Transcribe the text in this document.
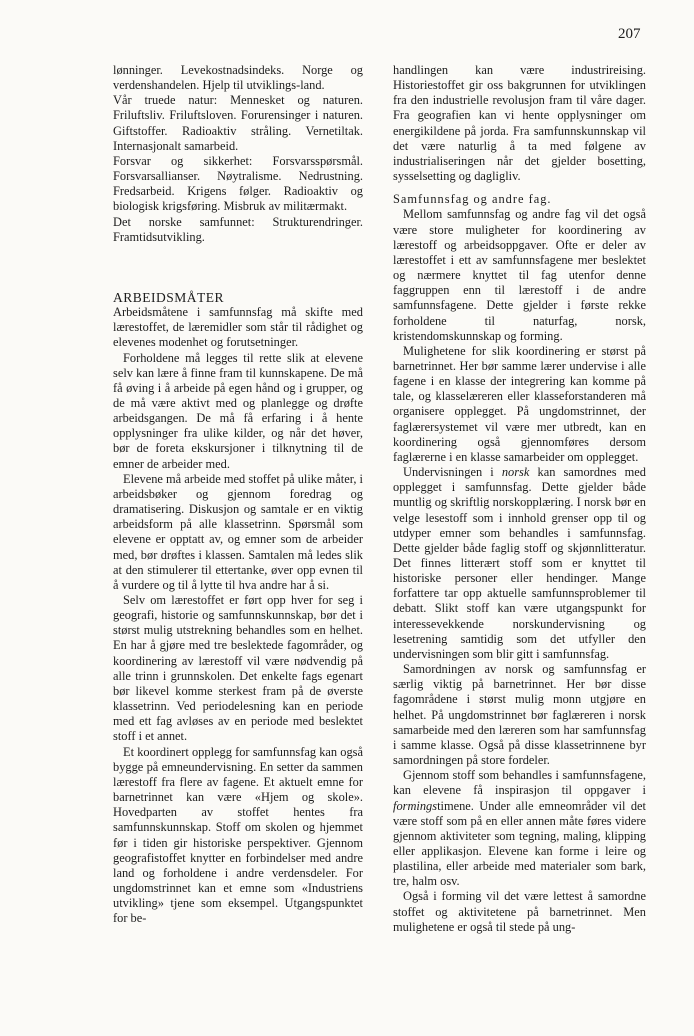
207

lønninger. Levekostnadsindeks. Norge og verdenshandelen. Hjelp til utviklings-land.

Vår truede natur: Mennesket og naturen. Friluftsliv. Friluftsloven. Forurensinger i naturen. Giftstoffer. Radioaktiv stråling. Vernetiltak. Internasjonalt samarbeid.

Forsvar og sikkerhet: Forsvarsspørsmål. Forsvarsallianser. Nøytralisme. Nedrustning. Fredsarbeid. Krigens følger. Radioaktiv og biologisk krigsføring. Misbruk av militærmakt.

Det norske samfunnet: Strukturendringer. Framtidsutvikling.

ARBEIDSMÅTER

Arbeidsmåtene i samfunnsfag må skifte med lærestoffet, de læremidler som står til rådighet og elevenes modenhet og forutsetninger.

Forholdene må legges til rette slik at elevene selv kan lære å finne fram til kunnskapene. De må få øving i å arbeide på egen hånd og i grupper, og de må være aktivt med og planlegge og drøfte arbeidsgangen. De må få erfaring i å hente opplysninger fra ulike kilder, og når det høver, bør de foreta ekskursjoner i tilknytning til de emner de arbeider med.

Elevene må arbeide med stoffet på ulike måter, i arbeidsbøker og gjennom foredrag og dramatisering. Diskusjon og samtale er en viktig arbeidsform på alle klassetrinn. Spørsmål som elevene er opptatt av, og emner som de arbeider med, bør drøftes i klassen. Samtalen må ledes slik at den stimulerer til ettertanke, øver opp evnen til å vurdere og til å lytte til hva andre har å si.

Selv om lærestoffet er ført opp hver for seg i geografi, historie og samfunnskunnskap, bør det i størst mulig utstrekning behandles som en helhet. En har å gjøre med tre beslektede fagområder, og koordinering av lærestoff vil være nødvendig på alle trinn i grunnskolen. Det enkelte fags egenart bør likevel komme sterkest fram på de øverste klassetrinn. Ved periodelesning kan en periode med ett fag avløses av en periode med beslektet stoff i et annet.

Et koordinert opplegg for samfunnsfag kan også bygge på emneundervisning. En setter da sammen lærestoff fra flere av fagene. Et aktuelt emne for barnetrinnet kan være «Hjem og skole». Hovedparten av stoffet hentes fra samfunnskunnskap. Stoff om skolen og hjemmet før i tiden gir historiske perspektiver. Gjennom geografistoffet knytter en forbindelser med andre land og forholdene i andre verdensdeler. For ungdomstrinnet kan et emne som «Industriens utvikling» tjene som eksempel. Utgangspunktet for be-

handlingen kan være industrireising. Historiestoffet gir oss bakgrunnen for utviklingen fra den industrielle revolusjon fram til våre dager. Fra geografien kan vi hente opplysninger om energikildene på jorda. Fra samfunnskunnskap vil det være naturlig å ta med følgene av industrialiseringen når det gjelder bosetting, sysselsetting og dagligliv.

Samfunnsfag og andre fag.

Mellom samfunnsfag og andre fag vil det også være store muligheter for koordinering av lærestoff og arbeidsoppgaver. Ofte er deler av lærestoffet i ett av samfunnsfagene mer beslektet og nærmere knyttet til fag utenfor denne faggruppen enn til lærestoff i de andre samfunnsfagene. Dette gjelder i første rekke forholdene til naturfag, norsk, kristendomskunnskap og forming.

Mulighetene for slik koordinering er størst på barnetrinnet. Her bør samme lærer undervise i alle fagene i en klasse der integrering kan komme på tale, og klasselæreren eller klasseforstanderen må organisere opplegget. På ungdomstrinnet, der faglærersystemet vil være mer utbredt, kan en koordinering også gjennomføres dersom faglærerne i en klasse samarbeider om opplegget.

Undervisningen i norsk kan samordnes med opplegget i samfunnsfag. Dette gjelder både muntlig og skriftlig norskopplæring. I norsk bør en velge lesestoff som i innhold grenser opp til og utdyper emner som behandles i samfunnsfag. Dette gjelder både faglig stoff og skjønnlitteratur. Det finnes litterært stoff som er knyttet til historiske personer eller hendinger. Mange forfattere tar opp aktuelle samfunnsproblemer til debatt. Slikt stoff kan være utgangspunkt for interessevekkende norskundervisning og lesetrening samtidig som det utfyller den undervisningen som blir gitt i samfunnsfag.

Samordningen av norsk og samfunnsfag er særlig viktig på barnetrinnet. Her bør disse fagområdene i størst mulig monn utgjøre en helhet. På ungdomstrinnet bør faglæreren i norsk samarbeide med den læreren som har samfunnsfag i samme klasse. Også på disse klassetrinnene byr samordningen på store fordeler.

Gjennom stoff som behandles i samfunnsfagene, kan elevene få inspirasjon til oppgaver i formingstimene. Under alle emneområder vil det være stoff som på en eller annen måte føres videre gjennom aktiviteter som tegning, maling, klipping eller applikasjon. Elevene kan forme i leire og plastilina, eller arbeide med materialer som bark, tre, halm osv.

Også i forming vil det være lettest å samordne stoffet og aktivitetene på barnetrinnet. Men mulighetene er også til stede på ung-
